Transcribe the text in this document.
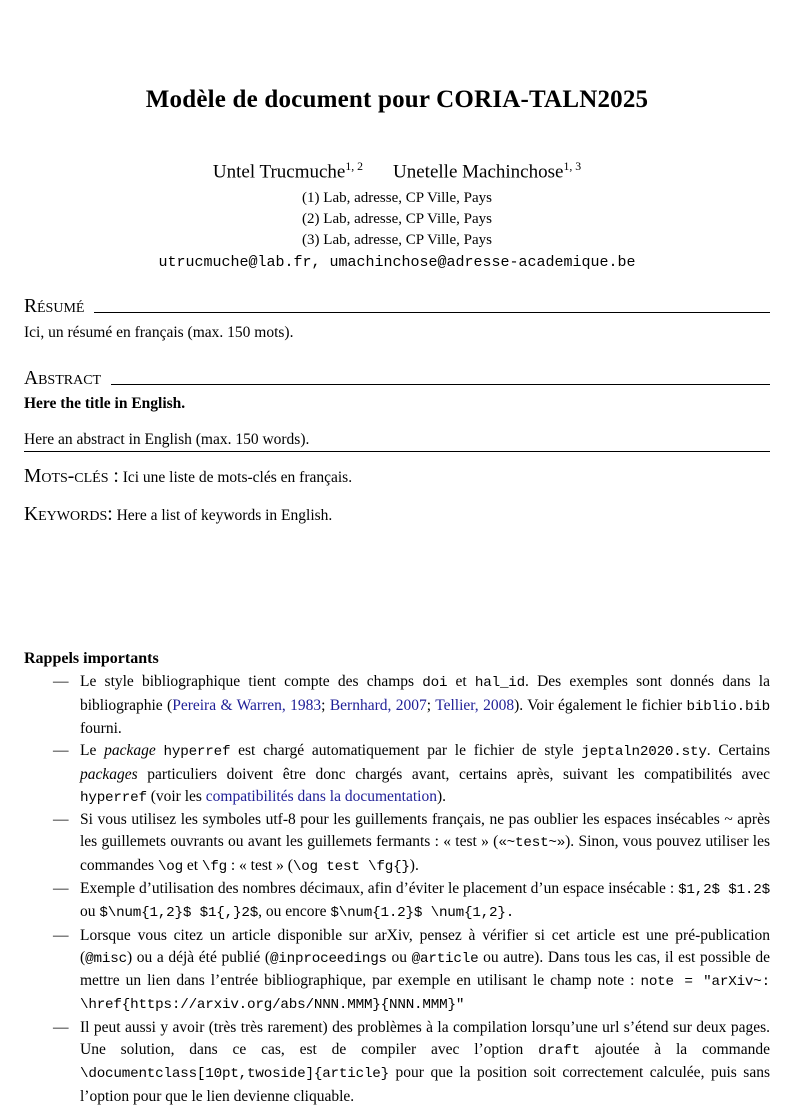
Modèle de document pour CORIA-TALN2025
Untel Trucmuche$^{1, 2}$ Unetelle Machinchose$^{1, 3}$
(1) Lab, adresse, CP Ville, Pays
(2) Lab, adresse, CP Ville, Pays
(3) Lab, adresse, CP Ville, Pays
utrucmuche@lab.fr, umachinchose@adresse-academique.be
Résumé

Ici, un résumé en français (max. 150 mots).

Abstract

Here the title in English.

Here an abstract in English (max. 150 words).

Mots-clés : Ici une liste de mots-clés en français.
Keywords: Here a list of keywords in English.
Rappels importants
— Le style bibliographique tient compte des champs doi et hal_id. Des exemples sont donnés dans la bibliographie (Pereira & Warren, 1983; Bernhard, 2007; Tellier, 2008). Voir également le fichier biblio.bib fourni.
— Le package hyperref est chargé automatiquement par le fichier de style jeptaln2020.sty. Certains packages particuliers doivent être donc chargés avant, certains après, suivant les compatibilités avec hyperref (voir les compatibilités dans la documentation).
— Si vous utilisez les symboles utf-8 pour les guillements français, ne pas oublier les espaces insécables ~ après les guillemets ouvrants ou avant les guillemets fermants : « test » («~test~»). Sinon, vous pouvez utiliser les commandes \og et \fg : « test » (\og test \fg{}).
— Exemple d’utilisation des nombres décimaux, afin d’éviter le placement d’un espace insécable : $1,2$ $1.2$ ou $\num{1,2}$ $1{,}2$, ou encore $\num{1.2}$ \num{1,2}.
— Lorsque vous citez un article disponible sur arXiv, pensez à vérifier si cet article est une pré-publication (@misc) ou a déjà été publié (@inproceedings ou @article ou autre). Dans tous les cas, il est possible de mettre un lien dans l’entrée bibliographique, par exemple en utilisant le champ note : note = "arXiv~: \href{https://arxiv.org/abs/NNN.MMM}{NNN.MMM}"
— Il peut aussi y avoir (très très rarement) des problèmes à la compilation lorsqu’une url s’étend sur deux pages. Une solution, dans ce cas, est de compiler avec l’option draft ajoutée à la commande \documentclass[10pt,twoside]{article} pour que la position soit correctement calculée, puis sans l’option pour que le lien devienne cliquable.
